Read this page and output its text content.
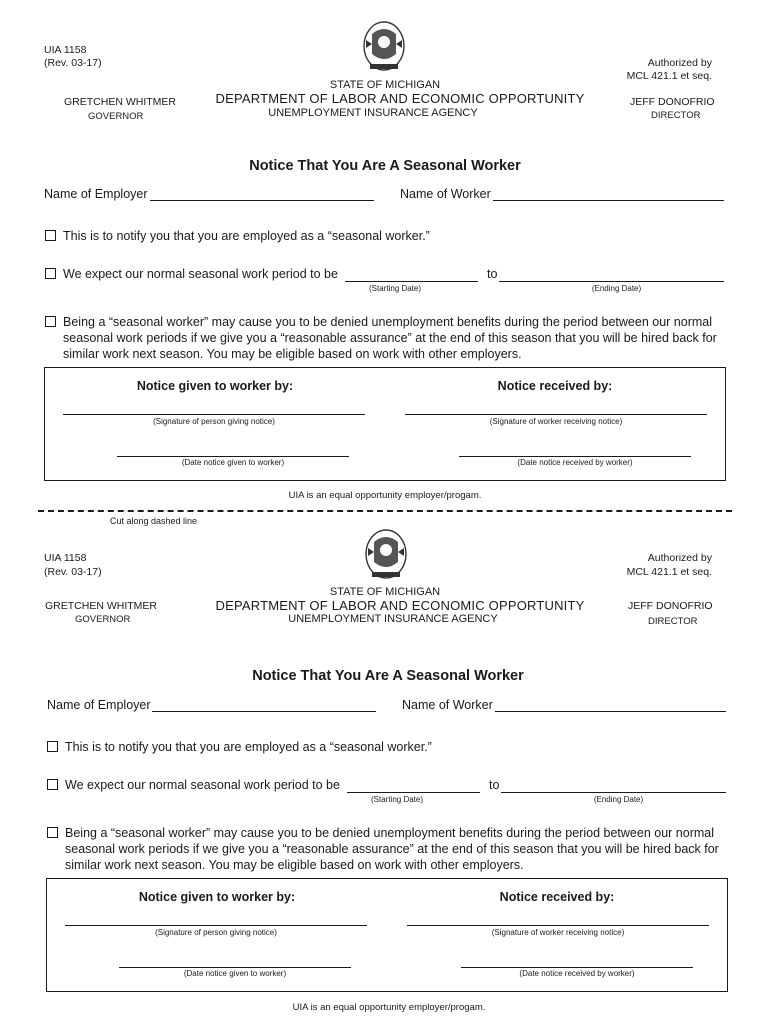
UIA 1158
(Rev. 03-17)	Authorized by
MCL 421.1 et seq.
STATE OF MICHIGAN
DEPARTMENT OF LABOR AND ECONOMIC OPPORTUNITY
UNEMPLOYMENT INSURANCE AGENCY
GRETCHEN WHITMER
GOVERNOR
JEFF DONOFRIO
DIRECTOR
Notice That You Are A Seasonal Worker
Name of Employer	Name of Worker
This is to notify you that you are employed as a “seasonal worker.”
We expect our normal seasonal work period to be
(Starting Date)
to
(Ending Date)
Being a “seasonal worker” may cause you to be denied unemployment benefits during the period between our normal
seasonal work periods if we give you a “reasonable assurance” at the end of this season that you will be hired back for
similar work next season. You may be eligible based on work with other employers.
Notice given to worker by:	Notice received by:
(Signature of person giving notice)	(Signature of worker receiving notice)
(Date notice given to worker)	(Date notice received by worker)
UIA is an equal opportunity employer/progam.
Cut along dashed line
UIA 1158
(Rev. 03-17)
Authorized by
MCL 421.1 et seq.
STATE OF MICHIGAN
DEPARTMENT OF LABOR AND ECONOMIC OPPORTUNITY
UNEMPLOYMENT INSURANCE AGENCY
GRETCHEN WHITMER
GOVERNOR
JEFF DONOFRIO
DIRECTOR
Notice That You Are A Seasonal Worker
Name of Employer	Name of Worker
This is to notify you that you are employed as a “seasonal worker.”
We expect our normal seasonal work period to be
(Starting Date)
to
(Ending Date)
Being a “seasonal worker” may cause you to be denied unemployment benefits during the period between our normal
seasonal work periods if we give you a “reasonable assurance” at the end of this season that you will be hired back for
similar work next season. You may be eligible based on work with other employers.
Notice given to worker by:	Notice received by:
(Signature of person giving notice)	(Signature of worker receiving notice)
(Date notice given to worker)	(Date notice received by worker)
UIA is an equal opportunity employer/progam.
